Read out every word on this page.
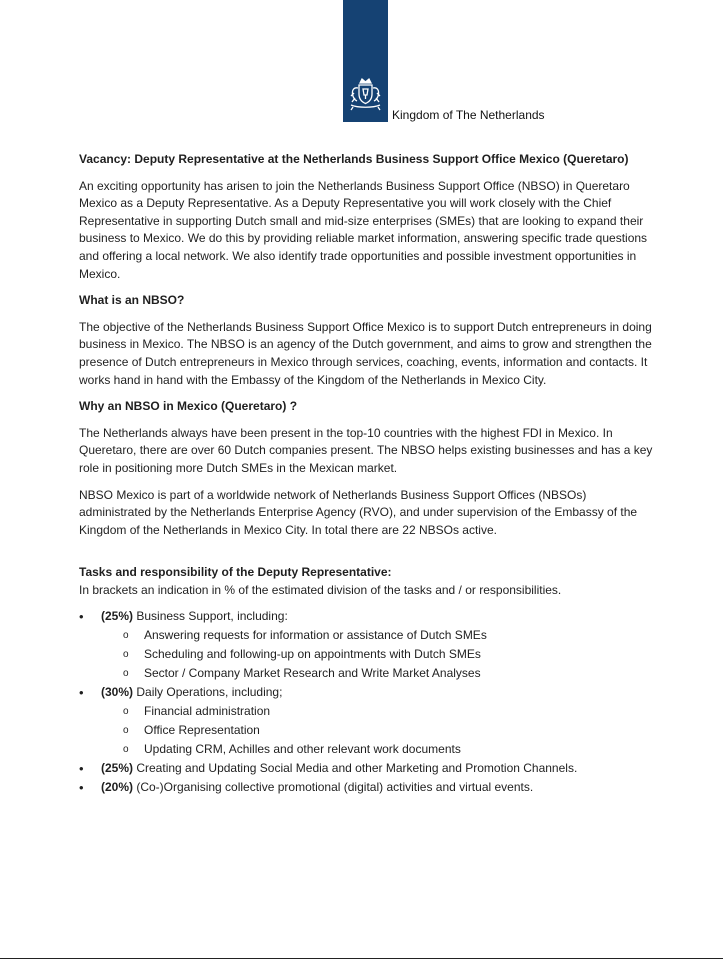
Kingdom of The Netherlands
Vacancy: Deputy Representative at the Netherlands Business Support Office Mexico (Queretaro)

An exciting opportunity has arisen to join the Netherlands Business Support Office (NBSO) in Queretaro Mexico as a Deputy Representative. As a Deputy Representative you will work closely with the Chief Representative in supporting Dutch small and mid-size enterprises (SMEs) that are looking to expand their business to Mexico. We do this by providing reliable market information, answering specific trade questions and offering a local network. We also identify trade opportunities and possible investment opportunities in Mexico.

What is an NBSO?

The objective of the Netherlands Business Support Office Mexico is to support Dutch entrepreneurs in doing business in Mexico. The NBSO is an agency of the Dutch government, and aims to grow and strengthen the presence of Dutch entrepreneurs in Mexico through services, coaching, events, information and contacts. It works hand in hand with the Embassy of the Kingdom of the Netherlands in Mexico City.

Why an NBSO in Mexico (Queretaro) ?

The Netherlands always have been present in the top-10 countries with the highest FDI in Mexico. In Queretaro, there are over 60 Dutch companies present. The NBSO helps existing businesses and has a key role in positioning more Dutch SMEs in the Mexican market.

NBSO Mexico is part of a worldwide network of Netherlands Business Support Offices (NBSOs) administrated by the Netherlands Enterprise Agency (RVO), and under supervision of the Embassy of the Kingdom of the Netherlands in Mexico City. In total there are 22 NBSOs active.

Tasks and responsibility of the Deputy Representative:

In brackets an indication in % of the estimated division of the tasks and / or responsibilities.

• (25%) Business Support, including:
o Answering requests for information or assistance of Dutch SMEs
o Scheduling and following-up on appointments with Dutch SMEs
o Sector / Company Market Research and Write Market Analyses
• (30%) Daily Operations, including;
o Financial administration
o Office Representation
o Updating CRM, Achilles and other relevant work documents
• (25%) Creating and Updating Social Media and other Marketing and Promotion Channels.
• (20%) (Co-)Organising collective promotional (digital) activities and virtual events.
